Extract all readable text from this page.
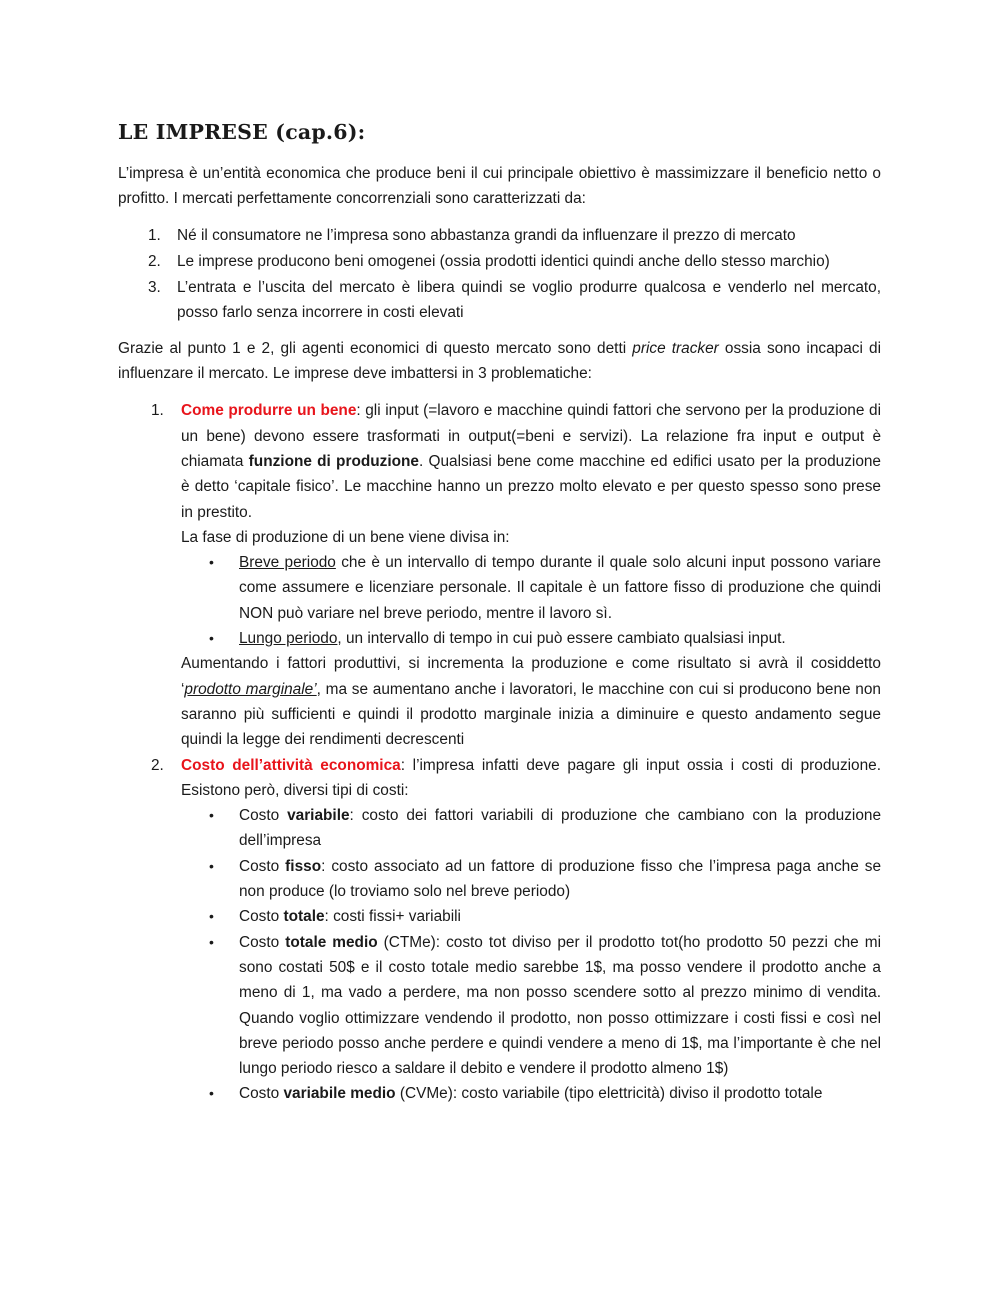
LE IMPRESE (cap.6):

L’impresa è un’entità economica che produce beni il cui principale obiettivo è massimizzare il beneficio netto o profitto. I mercati perfettamente concorrenziali sono caratterizzati da:

1. Né il consumatore ne l’impresa sono abbastanza grandi da influenzare il prezzo di mercato
2. Le imprese producono beni omogenei (ossia prodotti identici quindi anche dello stesso marchio)
3. L’entrata e l’uscita del mercato è libera quindi se voglio produrre qualcosa e venderlo nel mercato, posso farlo senza incorrere in costi elevati

Grazie al punto 1 e 2, gli agenti economici di questo mercato sono detti price tracker ossia sono incapaci di influenzare il mercato. Le imprese deve imbattersi in 3 problematiche:

1. Come produrre un bene: gli input (=lavoro e macchine quindi fattori che servono per la produzione di un bene) devono essere trasformati in output(=beni e servizi). La relazione fra input e output è chiamata funzione di produzione. Qualsiasi bene come macchine ed edifici usato per la produzione è detto ‘capitale fisico’. Le macchine hanno un prezzo molto elevato e per questo spesso sono prese in prestito.
La fase di produzione di un bene viene divisa in:
• Breve periodo che è un intervallo di tempo durante il quale solo alcuni input possono variare come assumere e licenziare personale. Il capitale è un fattore fisso di produzione che quindi NON può variare nel breve periodo, mentre il lavoro sì.
• Lungo periodo, un intervallo di tempo in cui può essere cambiato qualsiasi input.
Aumentando i fattori produttivi, si incrementa la produzione e come risultato si avrà il cosiddetto ‘prodotto marginale’, ma se aumentano anche i lavoratori, le macchine con cui si producono bene non saranno più sufficienti e quindi il prodotto marginale inizia a diminuire e questo andamento segue quindi la legge dei rendimenti decrescenti
2. Costo dell’attività economica: l’impresa infatti deve pagare gli input ossia i costi di produzione. Esistono però, diversi tipi di costi:
• Costo variabile: costo dei fattori variabili di produzione che cambiano con la produzione dell’impresa
• Costo fisso: costo associato ad un fattore di produzione fisso che l’impresa paga anche se non produce (lo troviamo solo nel breve periodo)
• Costo totale: costi fissi+ variabili
• Costo totale medio (CTMe): costo tot diviso per il prodotto tot(ho prodotto 50 pezzi che mi sono costati 50$ e il costo totale medio sarebbe 1$, ma posso vendere il prodotto anche a meno di 1, ma vado a perdere, ma non posso scendere sotto al prezzo minimo di vendita. Quando voglio ottimizzare vendendo il prodotto, non posso ottimizzare i costi fissi e così nel breve periodo posso anche perdere e quindi vendere a meno di 1$, ma l’importante è che nel lungo periodo riesco a saldare il debito e vendere il prodotto almeno 1$)
• Costo variabile medio (CVMe): costo variabile (tipo elettricità) diviso il prodotto totale
